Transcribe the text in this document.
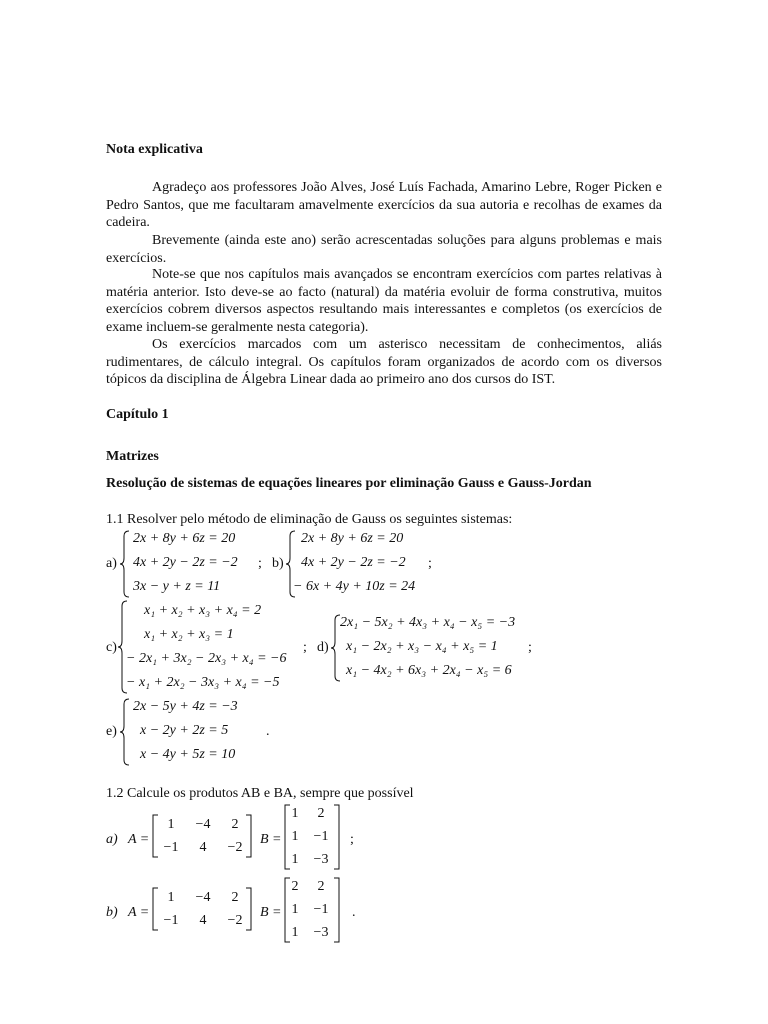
Nota explicativa
Agradeço aos professores João Alves, José Luís Fachada, Amarino Lebre, Roger Picken e Pedro Santos, que me facultaram amavelmente exercícios da sua autoria e recolhas de exames da cadeira.
Brevemente (ainda este ano) serão acrescentadas soluções para alguns problemas e mais exercícios.
Note-se que nos capítulos mais avançados se encontram exercícios com partes relativas à matéria anterior. Isto deve-se ao facto (natural) da matéria evoluir de forma construtiva, muitos exercícios cobrem diversos aspectos resultando mais interessantes e completos (os exercícios de exame incluem-se geralmente nesta categoria).
Os exercícios marcados com um asterisco necessitam de conhecimentos, aliás rudimentares, de cálculo integral. Os capítulos foram organizados de acordo com os diversos tópicos da disciplina de Álgebra Linear dada ao primeiro ano dos cursos do IST.
Capítulo 1
Matrizes
Resolução de sistemas de equações lineares por eliminação Gauss e Gauss-Jordan
1.1 Resolver pelo método de eliminação de Gauss os seguintes sistemas:
a)
2x + 8y + 6z = 20
4x + 2y − 2z = −2
3x − y + z = 11
; b)
2x + 8y + 6z = 20
4x + 2y − 2z = −2
− 6x + 4y + 10z = 24
;
c)
x₁ + x₂ + x₃ + x₄ = 2
x₁ + x₂ + x₃ = 1
− 2x₁ + 3x₂ − 2x₃ + x₄ = −6
− x₁ + 2x₂ − 3x₃ + x₄ = −5
; d)
2x₁ − 5x₂ + 4x₃ + x₄ − x₅ = −3
x₁ − 2x₂ + x₃ − x₄ + x₅ = 1
x₁ − 4x₂ + 6x₃ + 2x₄ − x₅ = 6
;
e)
2x − 5y + 4z = −3
x − 2y + 2z = 5
x − 4y + 5z = 10
.
1.2 Calcule os produtos AB e BA, sempre que possível
a) A =
1	−4	2
−1	4	−2
B =
1	2
1	−1
1	−3
;
b) A =
1	−4	2
−1	4	−2
B =
2	2
1	−1
1	−3
.
